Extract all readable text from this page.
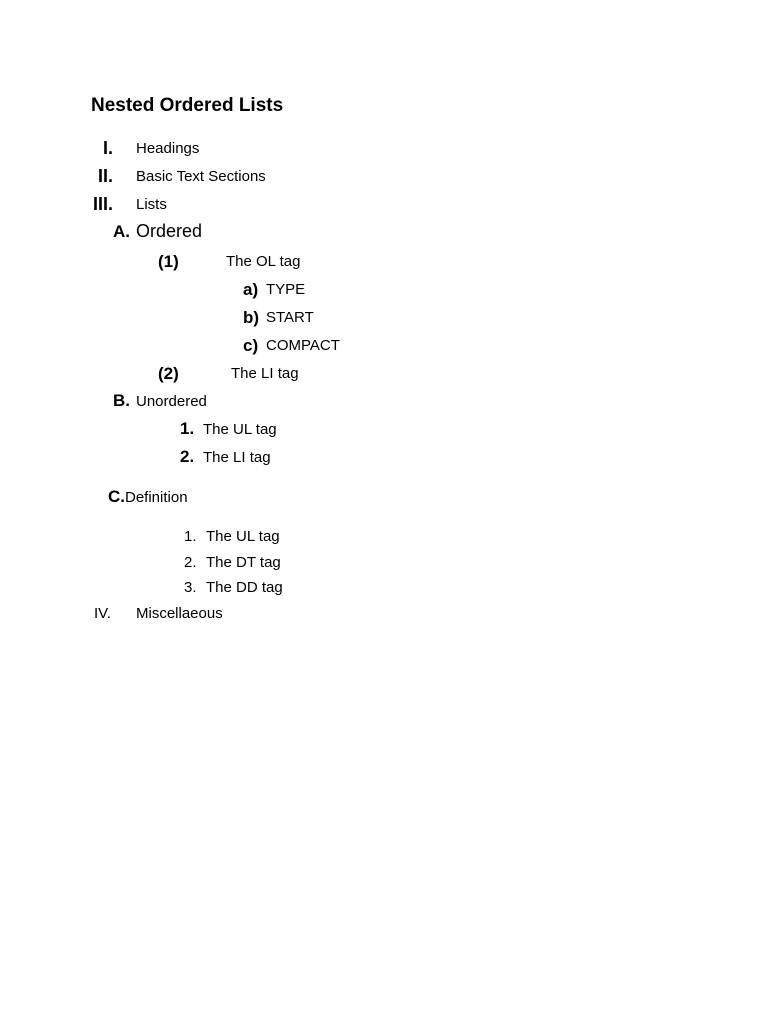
Nested Ordered Lists
I. Headings
II. Basic Text Sections
III. Lists
A. Ordered
(1)	The OL tag
a) TYPE
b) START
c) COMPACT
(2)	The LI tag
B. Unordered
1. The UL tag
2. The LI tag
C. Definition
1. The UL tag
2. The DT tag
3. The DD tag
IV. Miscellaeous
